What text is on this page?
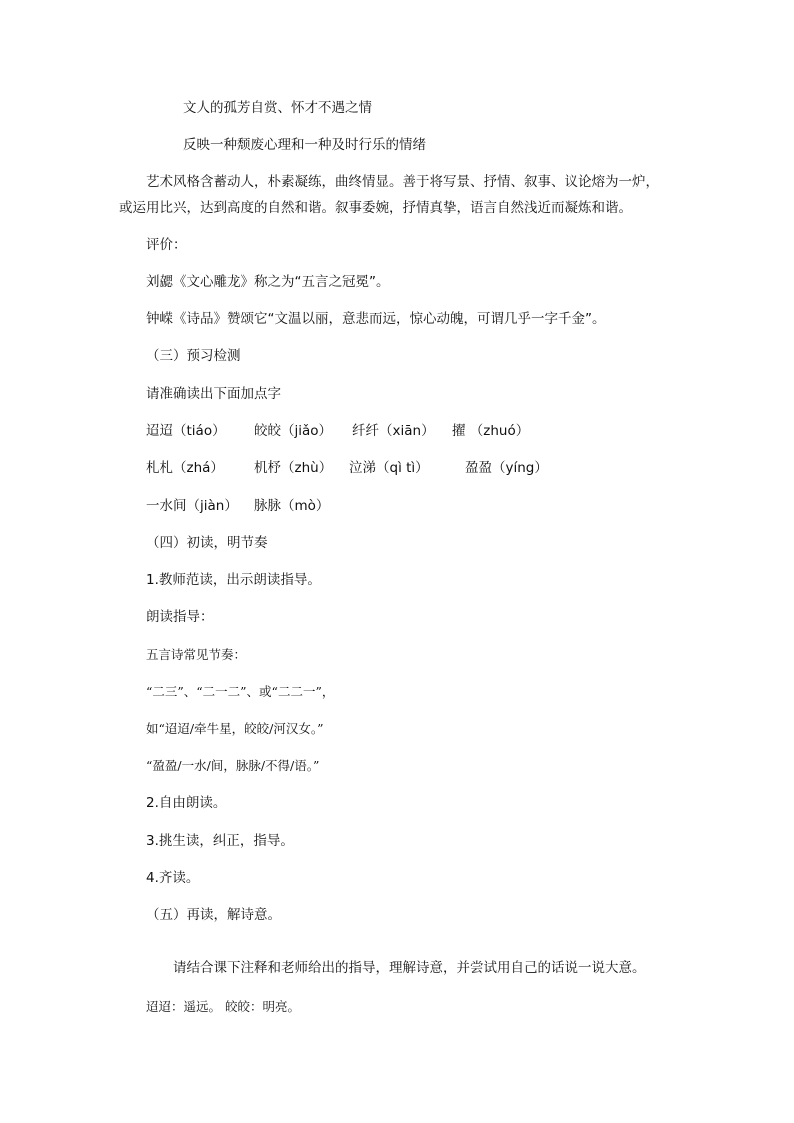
文人的孤芳自赏、怀才不遇之情
反映一种颓废心理和一种及时行乐的情绪
艺术风格含蓄动人，朴素凝练，曲终情显。善于将写景、抒情、叙事、议论熔为一炉，
或运用比兴，达到高度的自然和谐。叙事委婉，抒情真挚，语言自然浅近而凝炼和谐。
评价：
刘勰《文心雕龙》称之为“五言之冠冕”。
钟嵘《诗品》赞颂它“文温以丽，意悲而远，惊心动魄，可谓几乎一字千金”。
（三）预习检测
请准确读出下面加点字
迢迢（tiáo） 皎皎（jiǎo） 纤纤（xiān） 擢 （zhuó）
札札（zhá） 机杼（zhù） 泣涕（qì tì）	盈盈（yíng）
一水间（jiàn） 脉脉（mò）
（四）初读，明节奏
1.教师范读，出示朗读指导。
朗读指导：
五言诗常见节奏：
“二三”、“二一二”、或“二二一”，
如“迢迢/牵牛星，皎皎/河汉女。”
“盈盈/一水/间，脉脉/不得/语。”
2.自由朗读。
3.挑生读，纠正，指导。
4.齐读。
（五）再读，解诗意。
请结合课下注释和老师给出的指导，理解诗意，并尝试用自己的话说一说大意。
迢迢：遥远。 皎皎：明亮。
